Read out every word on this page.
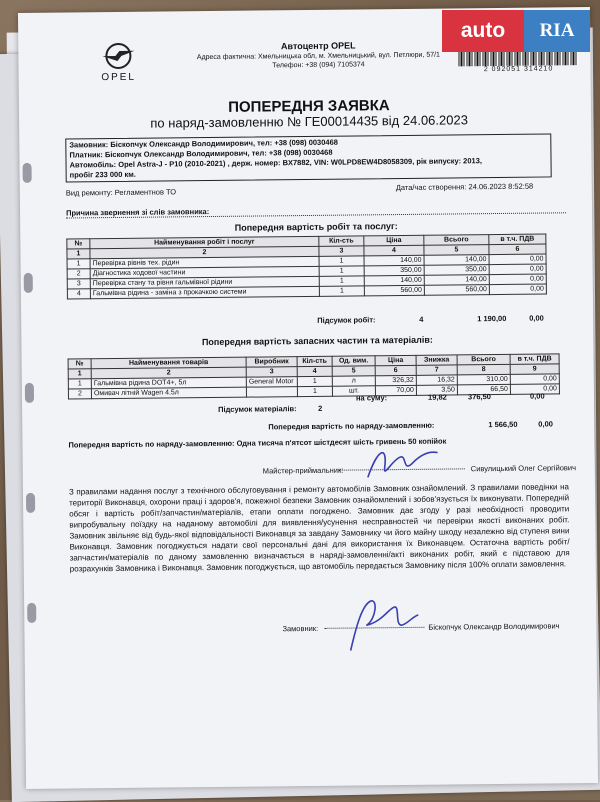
OPEL
Автоцентр OPEL
Адреса фактична: Хмельницька обл, м. Хмельницький, вул. Петлюри, 57/1
Телефон: +38 (094) 7105374	2 092051 314210
ПОПЕРЕДНЯ ЗАЯВКА
по наряд-замовленню № ГЕ00014435 від 24.06.2023
Замовник: Біскопчук Олександр Володимирович, тел: +38 (098) 0030468
Платник: Біскопчук Олександр Володимирович, тел: +38 (098) 0030468
Автомобіль: Opel Astra-J - P10 (2010-2021) , держ. номер: BX7882, VIN: W0LPD8EW4D8058309, рік випуску: 2013,
пробіг 233 000 км.
Вид ремонту: Регламентнов ТО
Дата/час створення: 24.06.2023 8:52:58
Причина звернення зі слів замовника:
Попередня вартість робіт та послуг:
№	Найменування робіт і послуг	Кіл-сть	Ціна	Всього	в т.ч. ПДВ
1	2	3	4	5	6
1	Перевірка рівнів тех. рідин	1	140,00	140,00	0,00
2	Діагностика ходової частини	1	350,00	350,00	0,00
3	Перевірка стану та рівня гальмівної рідини	1	140,00	140,00	0,00
4	Гальмівна рідина - заміна з прокачкою системи	1	560,00	560,00	0,00
Підсумок робіт:	4	1 190,00	0,00
Попередня вартість запасних частин та матеріалів:
№	Найменування товарів	Виробник	Кіл-сть	Од. вим.	Ціна	Знижка	Всього	в т.ч. ПДВ
1	2	3	4	5	6	7	8	9
1	Гальмівна рідина DOT4+, 5л	General Motor	1	л	326,32	16,32	310,00	0,00
2	Омивач літній Wagen 4.5л		1	шт.	70,00	3,50	66,50	0,00
на суму:	19,82	376,50	0,00
Підсумок матеріалів:	2
Попередня вартість по наряду-замовленню:	1 566,50	0,00
Попередня вартість по наряду-замовленню: Одна тисяча п'ятсот шістдесят шість гривень 50 копійок
Майстер-приймальник:	Сивулицький Олег Сергійович
З правилами надання послуг з технічного обслуговування і ремонту автомобілів Замовник ознайомлений. З правилами поведінки на території Виконавця, охорони праці і здоров'я, пожежної безпеки Замовник ознайомлений і зобов'язується їх виконувати. Попередній обсяг і вартість робіт/запчастин/матеріалів, етапи оплати погоджено. Замовник дає згоду у разі необхідності проводити випробувальну поїздку на наданому автомобілі для виявлення/усунення несправностей чи перевірки якості виконаних робіт. Замовник звільняє від будь-якої відповідальності Виконавця за завдану Замовнику чи його майну шкоду незалежно від ступеня вини Виконавця. Замовник погоджується надати свої персональні дані для використання їх Виконавцем. Остаточна вартість робіт/запчастин/матеріалів по даному замовленню визначається в наряді-замовленні/акті виконаних робіт, який є підставою для розрахунків Замовника і Виконавця. Замовник погоджується, що автомобіль передається Замовнику після 100% оплати замовлення.
Замовник:	Біскопчук Олександр Володимирович
auto	RIA
